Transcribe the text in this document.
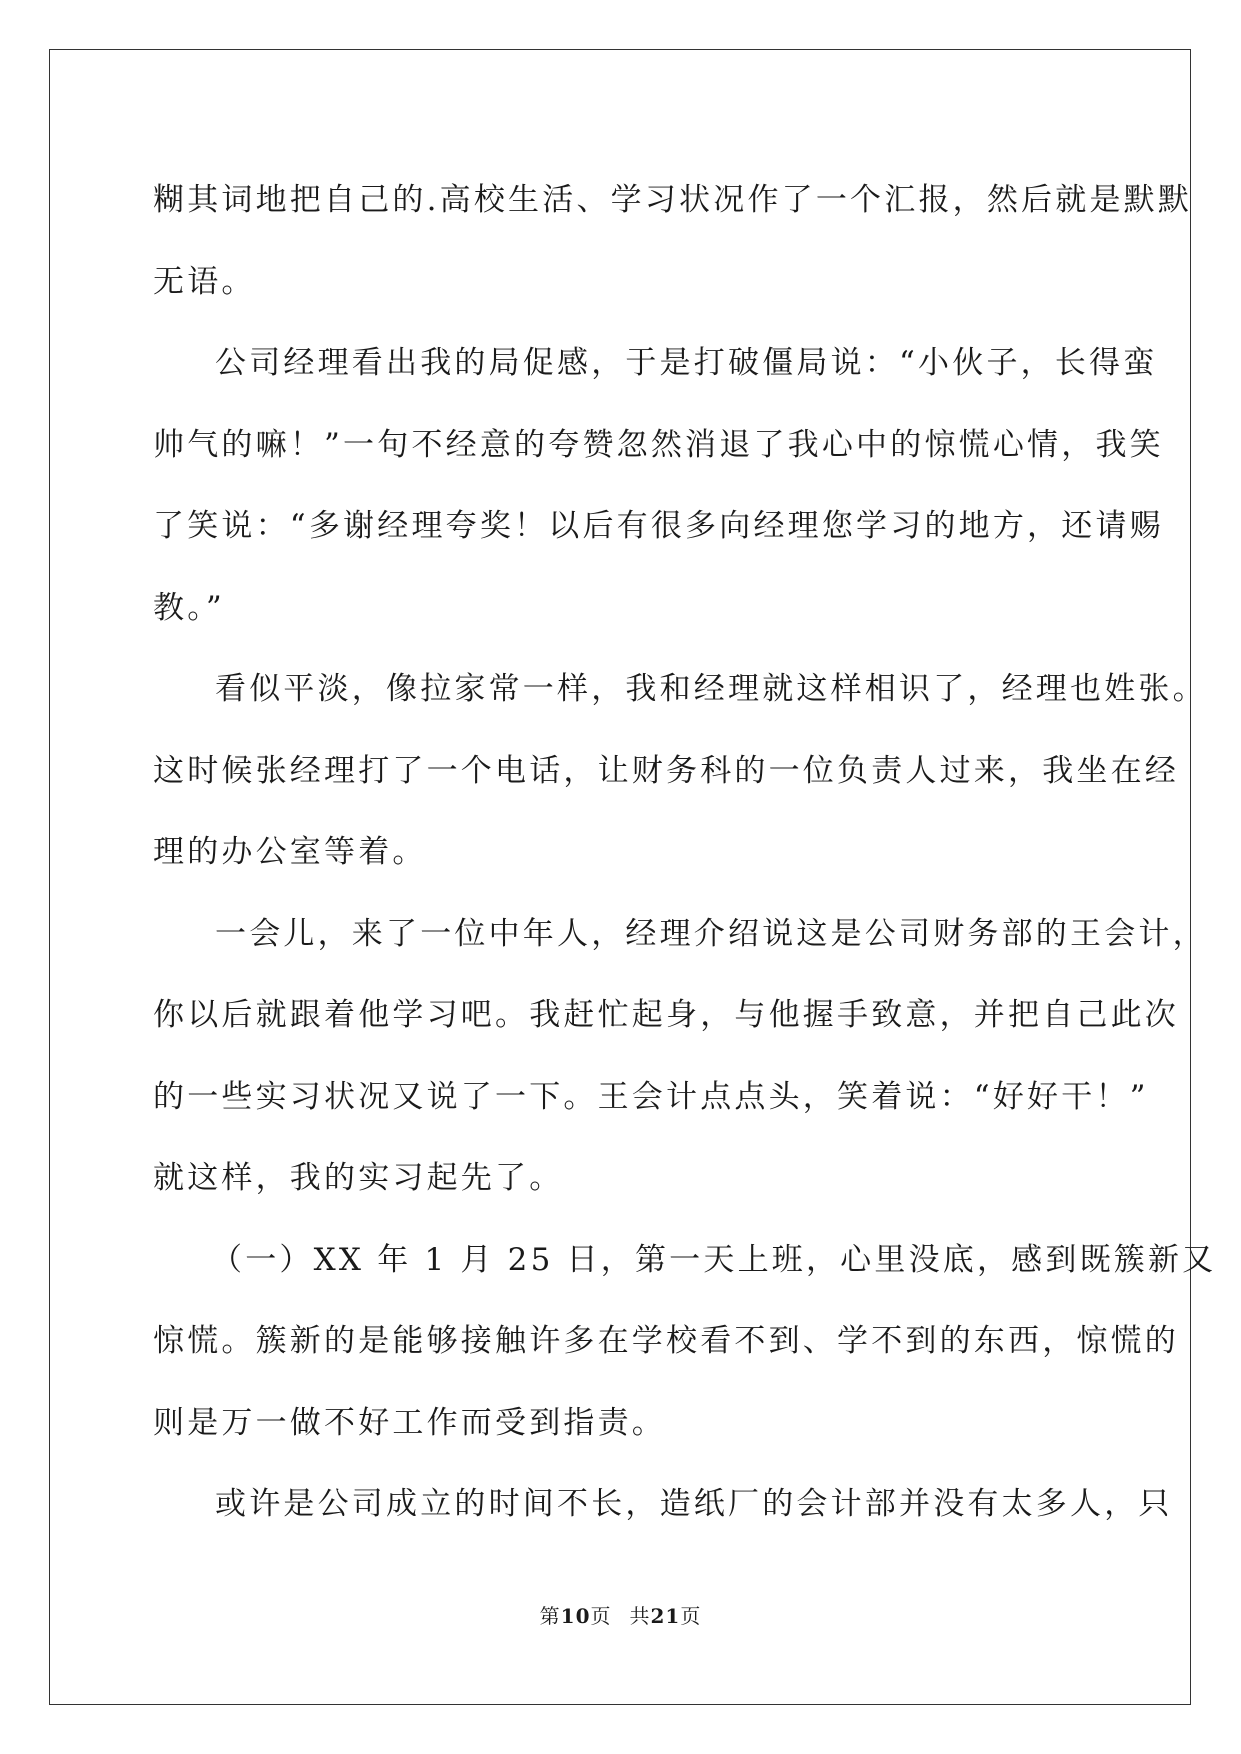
糊其词地把自己的.高校生活、学习状况作了一个汇报，然后就是默默
无语。
公司经理看出我的局促感，于是打破僵局说：“小伙子，长得蛮
帅气的嘛！”一句不经意的夸赞忽然消退了我心中的惊慌心情，我笑
了笑说：“多谢经理夸奖！以后有很多向经理您学习的地方，还请赐
教。”
看似平淡，像拉家常一样，我和经理就这样相识了，经理也姓张。
这时候张经理打了一个电话，让财务科的一位负责人过来，我坐在经
理的办公室等着。
一会儿，来了一位中年人，经理介绍说这是公司财务部的王会计，
你以后就跟着他学习吧。我赶忙起身，与他握手致意，并把自己此次
的一些实习状况又说了一下。王会计点点头，笑着说：“好好干！”
就这样，我的实习起先了。
（一）XX 年 1 月 25 日，第一天上班，心里没底，感到既簇新又
惊慌。簇新的是能够接触许多在学校看不到、学不到的东西，惊慌的
则是万一做不好工作而受到指责。
或许是公司成立的时间不长，造纸厂的会计部并没有太多人，只
第10页 共21页
